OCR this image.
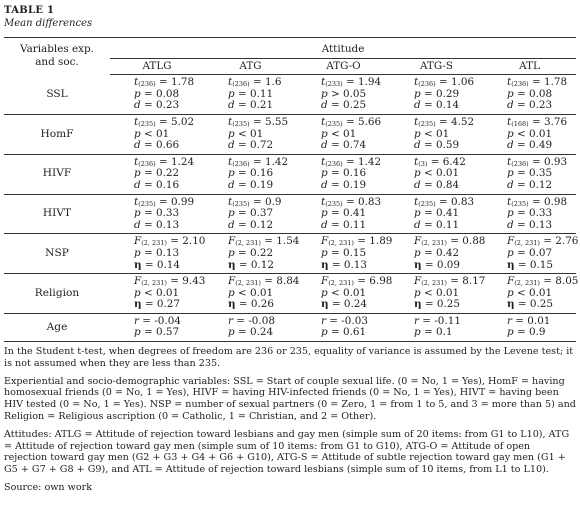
TABLE 1
Mean differences
Variables exp.
and soc.	Attitude				
	ATLG	ATG	ATG-O	ATG-S	ATL
SSL	$t_{(236)} = 1.78$
p = 0.08
d = 0.23	$t_{(236)} = 1.6$
p = 0.11
d = 0.21	$t_{(233)} = 1.94$
p > 0.05
d = 0.25	$t_{(236)} = 1.06$
p = 0.29
d = 0.14	$t_{(236)} = 1.78$
p = 0.08
d = 0.23

HomF	$t_{(235)} = 5.02$
p < 01
d = 0.66	$t_{(235)} = 5.55$
p < 01
d = 0.72	$t_{(235)} = 5.66$
p < 01
d = 0.74	$t_{(235)} = 4.52$
p < 01
d = 0.59	$t_{(168)} = 3.76$
p < 0.01
d = 0.49

HIVF	$t_{(236)} = 1.24$
p = 0.22
d = 0.16	$t_{(236)} = 1.42$
p = 0.16
d = 0.19	$t_{(236)} = 1.42$
p = 0.16
d = 0.19	$t_{(3)} = 6.42$
p < 0.01
d = 0.84	$t_{(236)} = 0.93$
p = 0.35
d = 0.12

HIVT	$t_{(235)} = 0.99$
p = 0.33
d = 0.13	$t_{(235)} = 0.9$
p = 0.37
d = 0.12	$t_{(235)} = 0.83$
p = 0.41
d = 0.11	$t_{(235)} = 0.83$
p = 0.41
d = 0.11	$t_{(235)} = 0.98$
p = 0.33
d = 0.13

NSP	$F_{(2, 231)} = 2.10$
p = 0.13
η = 0.14	$F_{(2, 231)} = 1.54$
p = 0.22
η = 0.12	$F_{(2, 231)} = 1.89$
p = 0.15
η = 0.13	$F_{(2, 231)} = 0.88$
p = 0.42
η = 0.09	$F_{(2, 231)} = 2.76$
p = 0.07
η = 0.15

Religion	$F_{(2, 231)} = 9.43$
p < 0.01
η = 0.27	$F_{(2, 231)} = 8.84$
p < 0.01
η = 0.26	$F_{(2, 231)} = 6.98$
p < 0.01
η = 0.24	$F_{(2, 231)} = 8.17$
p < 0.01
η = 0.25	$F_{(2, 231)} = 8.05$
p < 0.01
η = 0.25

Age	r = -0.04
p = 0.57	r = -0.08
p = 0.24	r = -0.03
p = 0.61	r = -0.11
p = 0.1	r = 0.01
p = 0.9

In the Student t-test, when degrees of freedom are 236 or 235, equality of variance is assumed by the Levene test; it is not assumed when they are less than 235.

Experiential and socio-demographic variables: SSL = Start of couple sexual life. (0 = No, 1 = Yes), HomF = having homosexual friends (0 = No, 1 = Yes), HIVF = having HIV-infected friends (0 = No, 1 = Yes), HIVT = having been HIV tested (0 = No, 1 = Yes). NSP = number of sexual partners (0 = Zero, 1 = from 1 to 5, and 3 = more than 5) and Religion = Religious ascription (0 = Catholic, 1 = Christian, and 2 = Other).

Attitudes: ATLG = Attitude of rejection toward lesbians and gay men (simple sum of 20 items: from G1 to L10), ATG = Attitude of rejection toward gay men (simple sum of 10 items: from G1 to G10), ATG-O = Attitude of open rejection toward gay men (G2 + G3 + G4 + G6 + G10), ATG-S = Attitude of subtle rejection toward gay men (G1 + G5 + G7 + G8 + G9), and ATL = Attitude of rejection toward lesbians (simple sum of 10 items, from L1 to L10).

Source: own work
